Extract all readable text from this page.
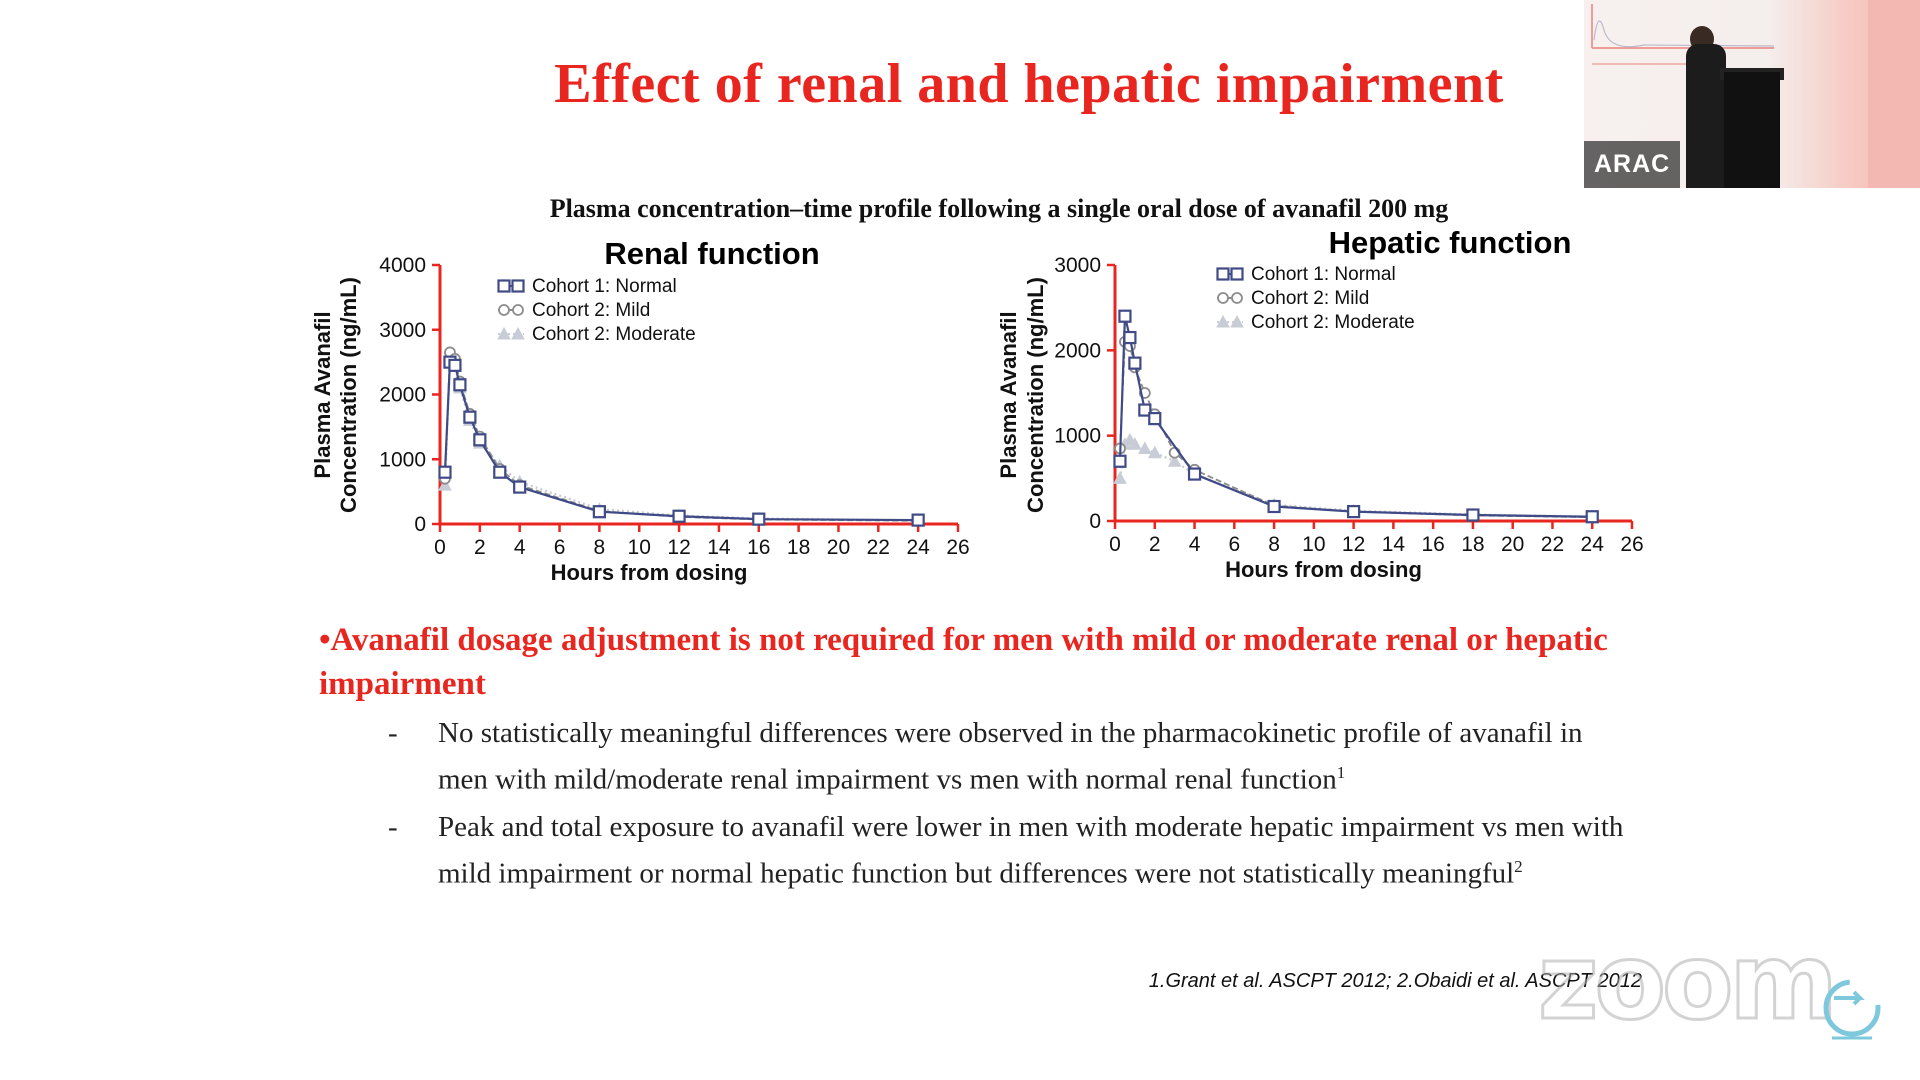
Effect of renal and hepatic impairment
Plasma concentration–time profile following a single oral dose of avanafil 200 mg
Renal function
0
1000
2000
3000
4000
0 2 4 6 8 10 12 14 16 18 20 22 24 26
Hours from dosing
Plasma Avanafil Concentration (ng/mL)	Cohort 1: Normal
Cohort 2: Mild
Cohort 2: Moderate
Hepatic function
0
1000
2000
3000
0 2 4 6 8 10 12 14 16 18 20 22 24 26
Hours from dosing
Plasma Avanafil Concentration (ng/mL)
Cohort 1: Normal
Cohort 2: Mild
Cohort 2: Moderate

•Avanafil dosage adjustment is not required for men with mild or moderate renal or hepatic impairment

- No statistically meaningful differences were observed in the pharmacokinetic profile of avanafil in men with mild/moderate renal impairment vs men with normal renal function$^1$
- Peak and total exposure to avanafil were lower in men with moderate hepatic impairment vs men with mild impairment or normal hepatic function but differences were not statistically meaningful$^2$
1.Grant et al. ASCPT 2012; 2.Obaidi et al. ASCPT 2012
zoom
ARAC
